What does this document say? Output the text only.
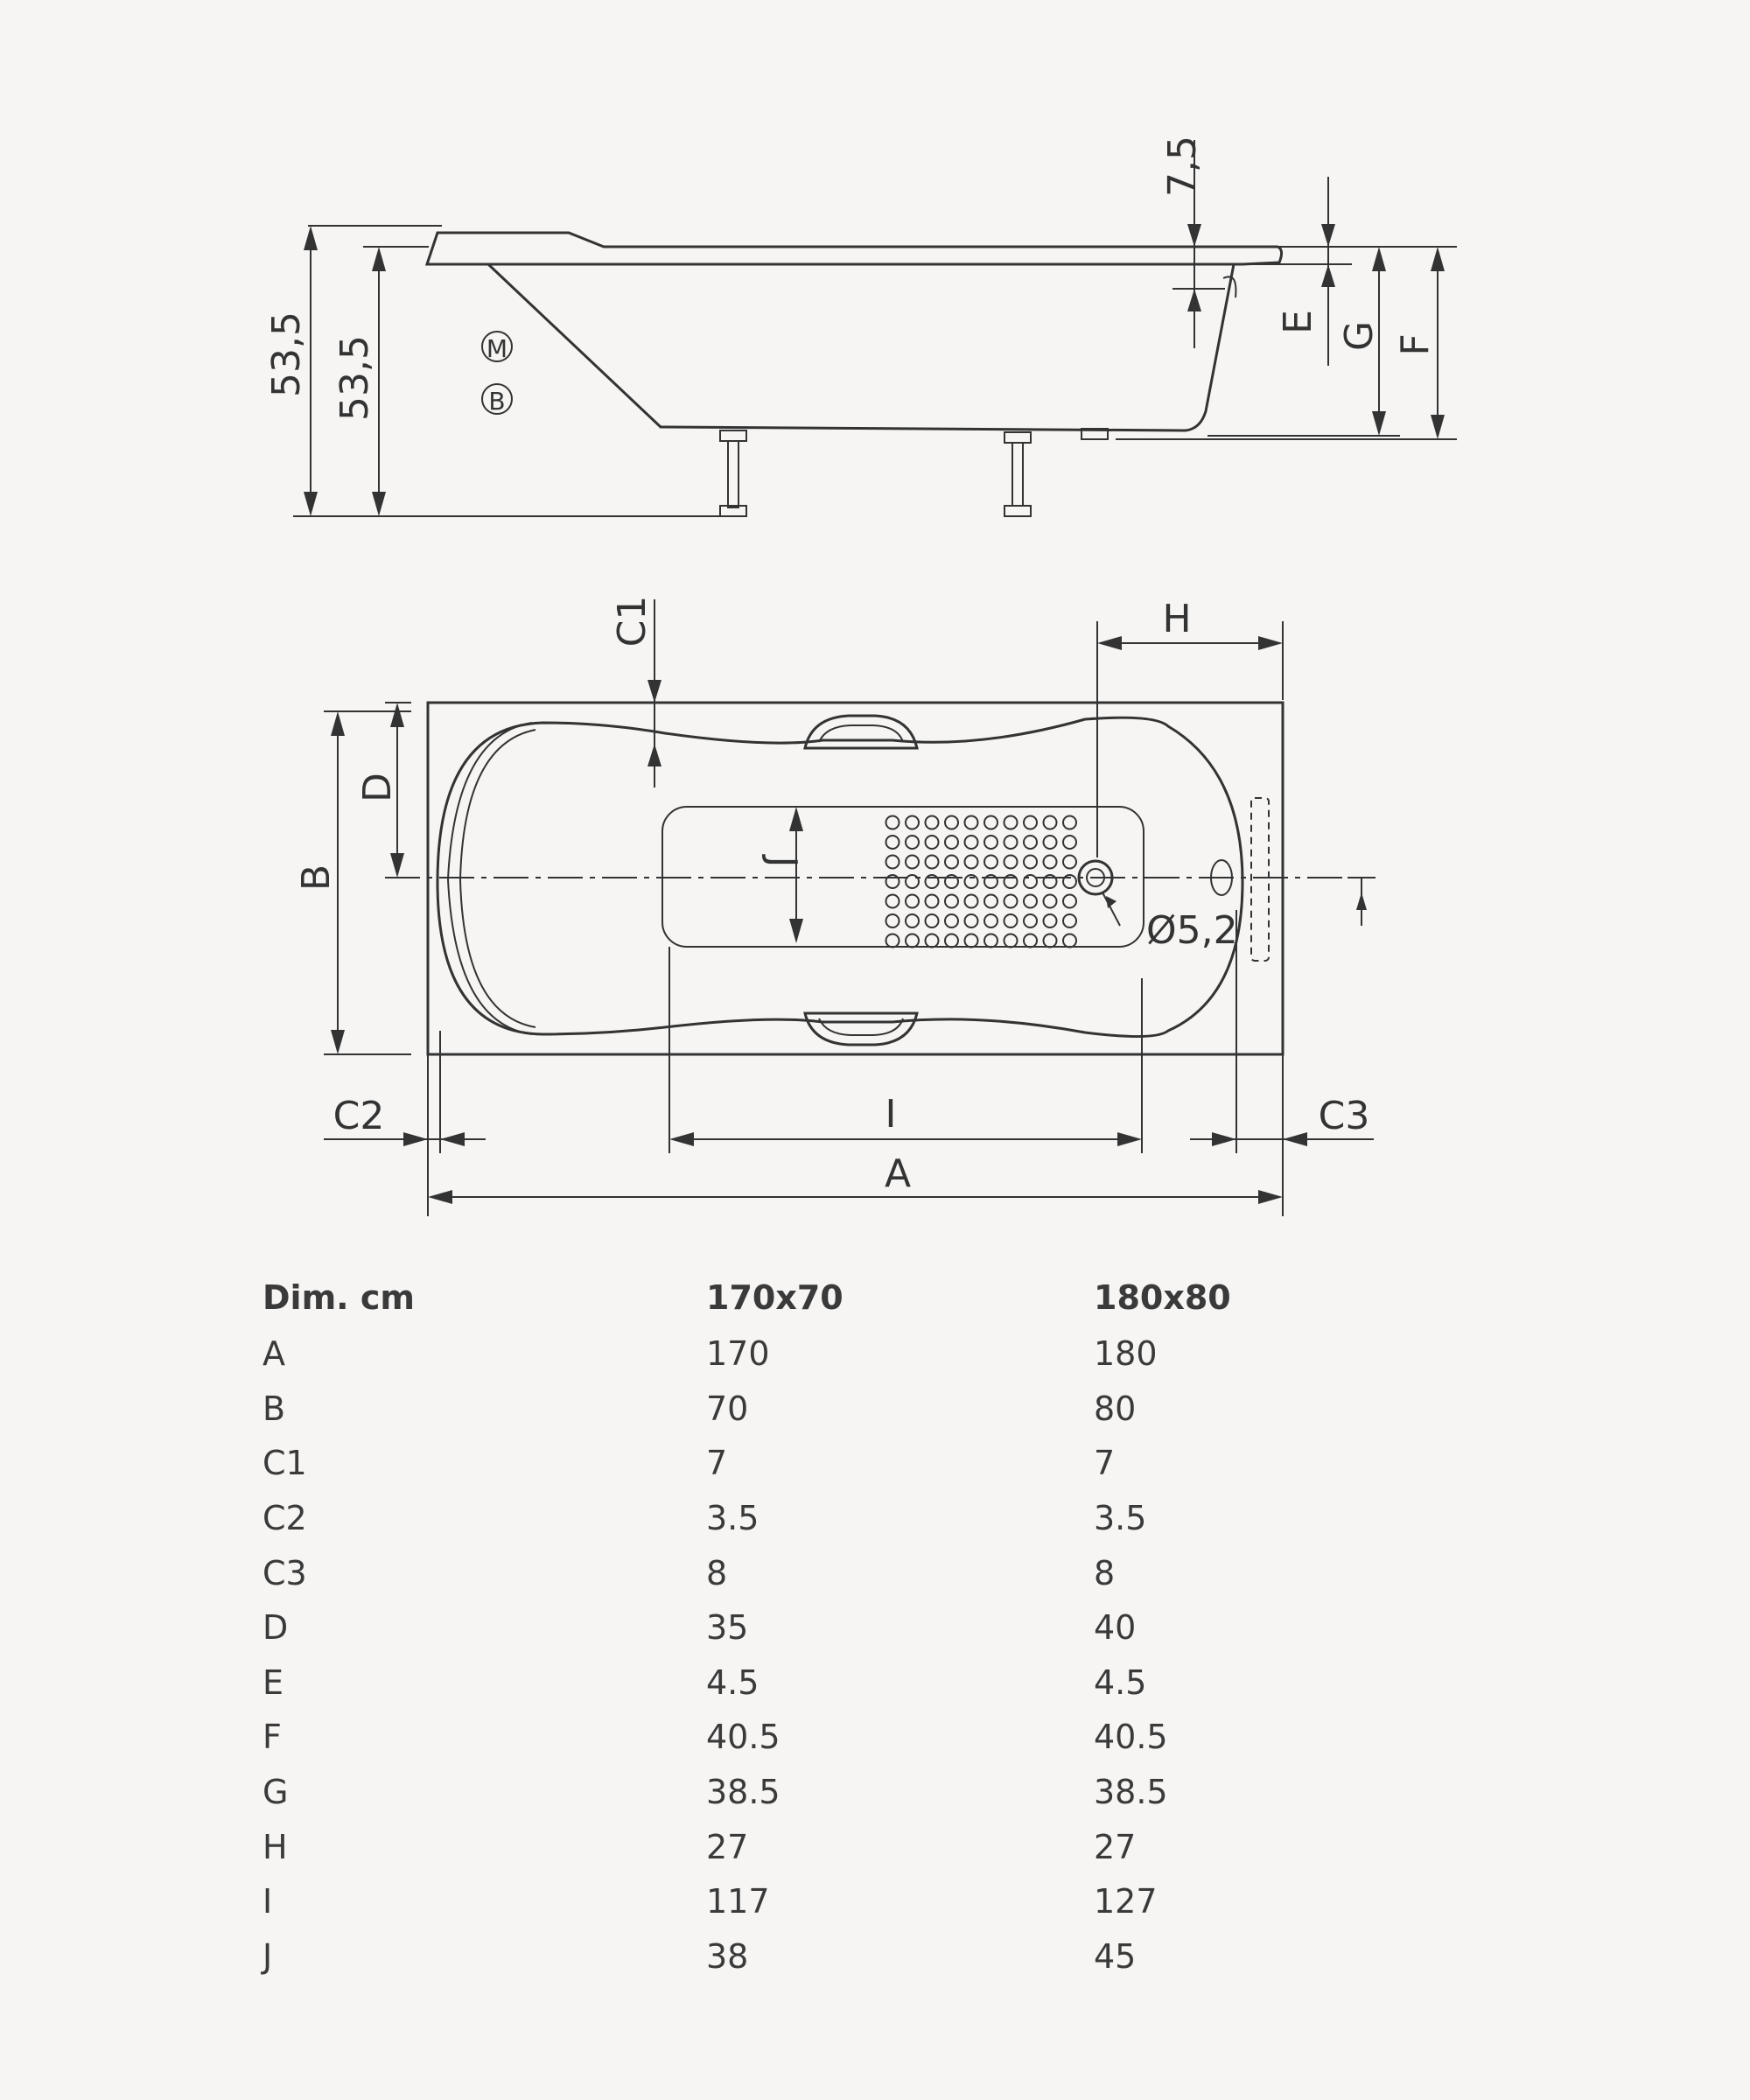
53,5 53,5	M
B
7,5
E G F
Ø5,2
C1	H
D
B
J
C2	I	C3
A
Dim. cm	170x70	180x80
A	170	180
B	70	80
C1	7	7
C2	3.5	3.5
C3	8	8
D	35	40
E	4.5	4.5
F	40.5	40.5
G	38.5	38.5
H	27	27
I	117	127
J	38	45
